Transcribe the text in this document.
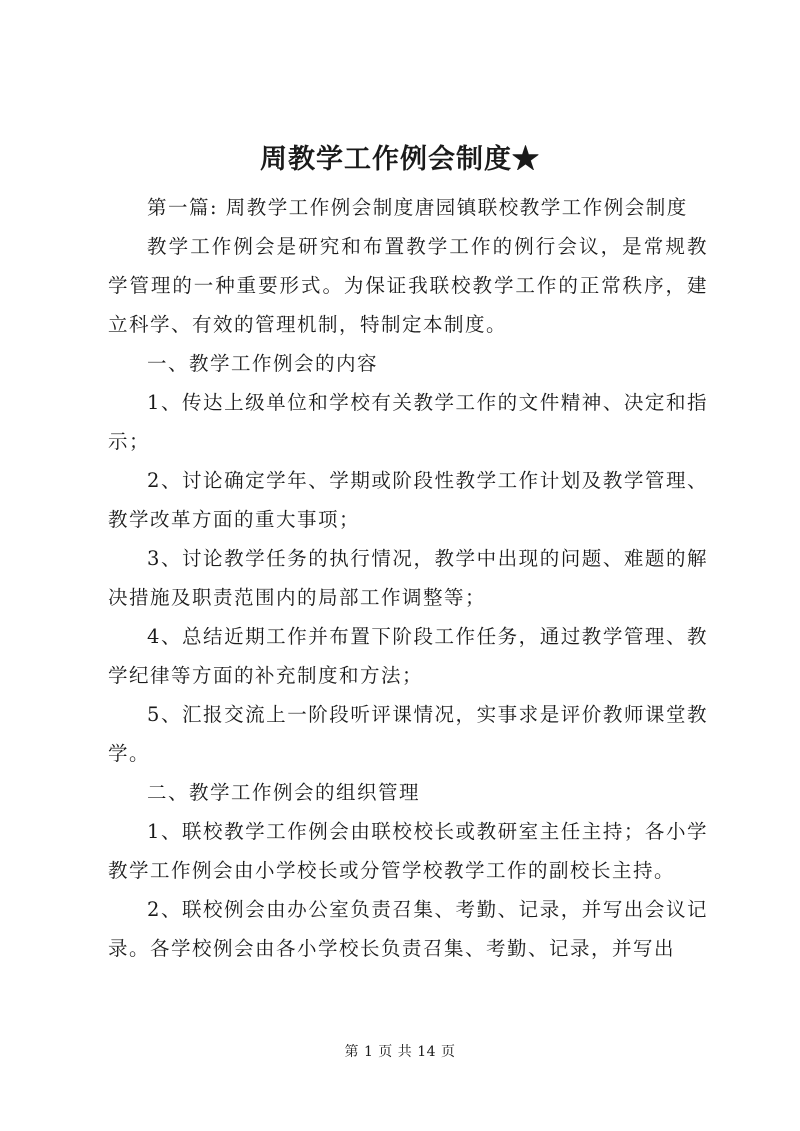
周教学工作例会制度★

第一篇: 周教学工作例会制度唐园镇联校教学工作例会制度

教学工作例会是研究和布置教学工作的例行会议，是常规教学管理的一种重要形式。为保证我联校教学工作的正常秩序，建立科学、有效的管理机制，特制定本制度。

一、教学工作例会的内容

1、传达上级单位和学校有关教学工作的文件精神、决定和指示；

2、讨论确定学年、学期或阶段性教学工作计划及教学管理、教学改革方面的重大事项；

3、讨论教学任务的执行情况，教学中出现的问题、难题的解决措施及职责范围内的局部工作调整等；

4、总结近期工作并布置下阶段工作任务，通过教学管理、教学纪律等方面的补充制度和方法；

5、汇报交流上一阶段听评课情况，实事求是评价教师课堂教学。

二、教学工作例会的组织管理

1、联校教学工作例会由联校校长或教研室主任主持；各小学教学工作例会由小学校长或分管学校教学工作的副校长主持。

2、联校例会由办公室负责召集、考勤、记录，并写出会议记录。各学校例会由各小学校长负责召集、考勤、记录，并写出

第 1 页 共 14 页
